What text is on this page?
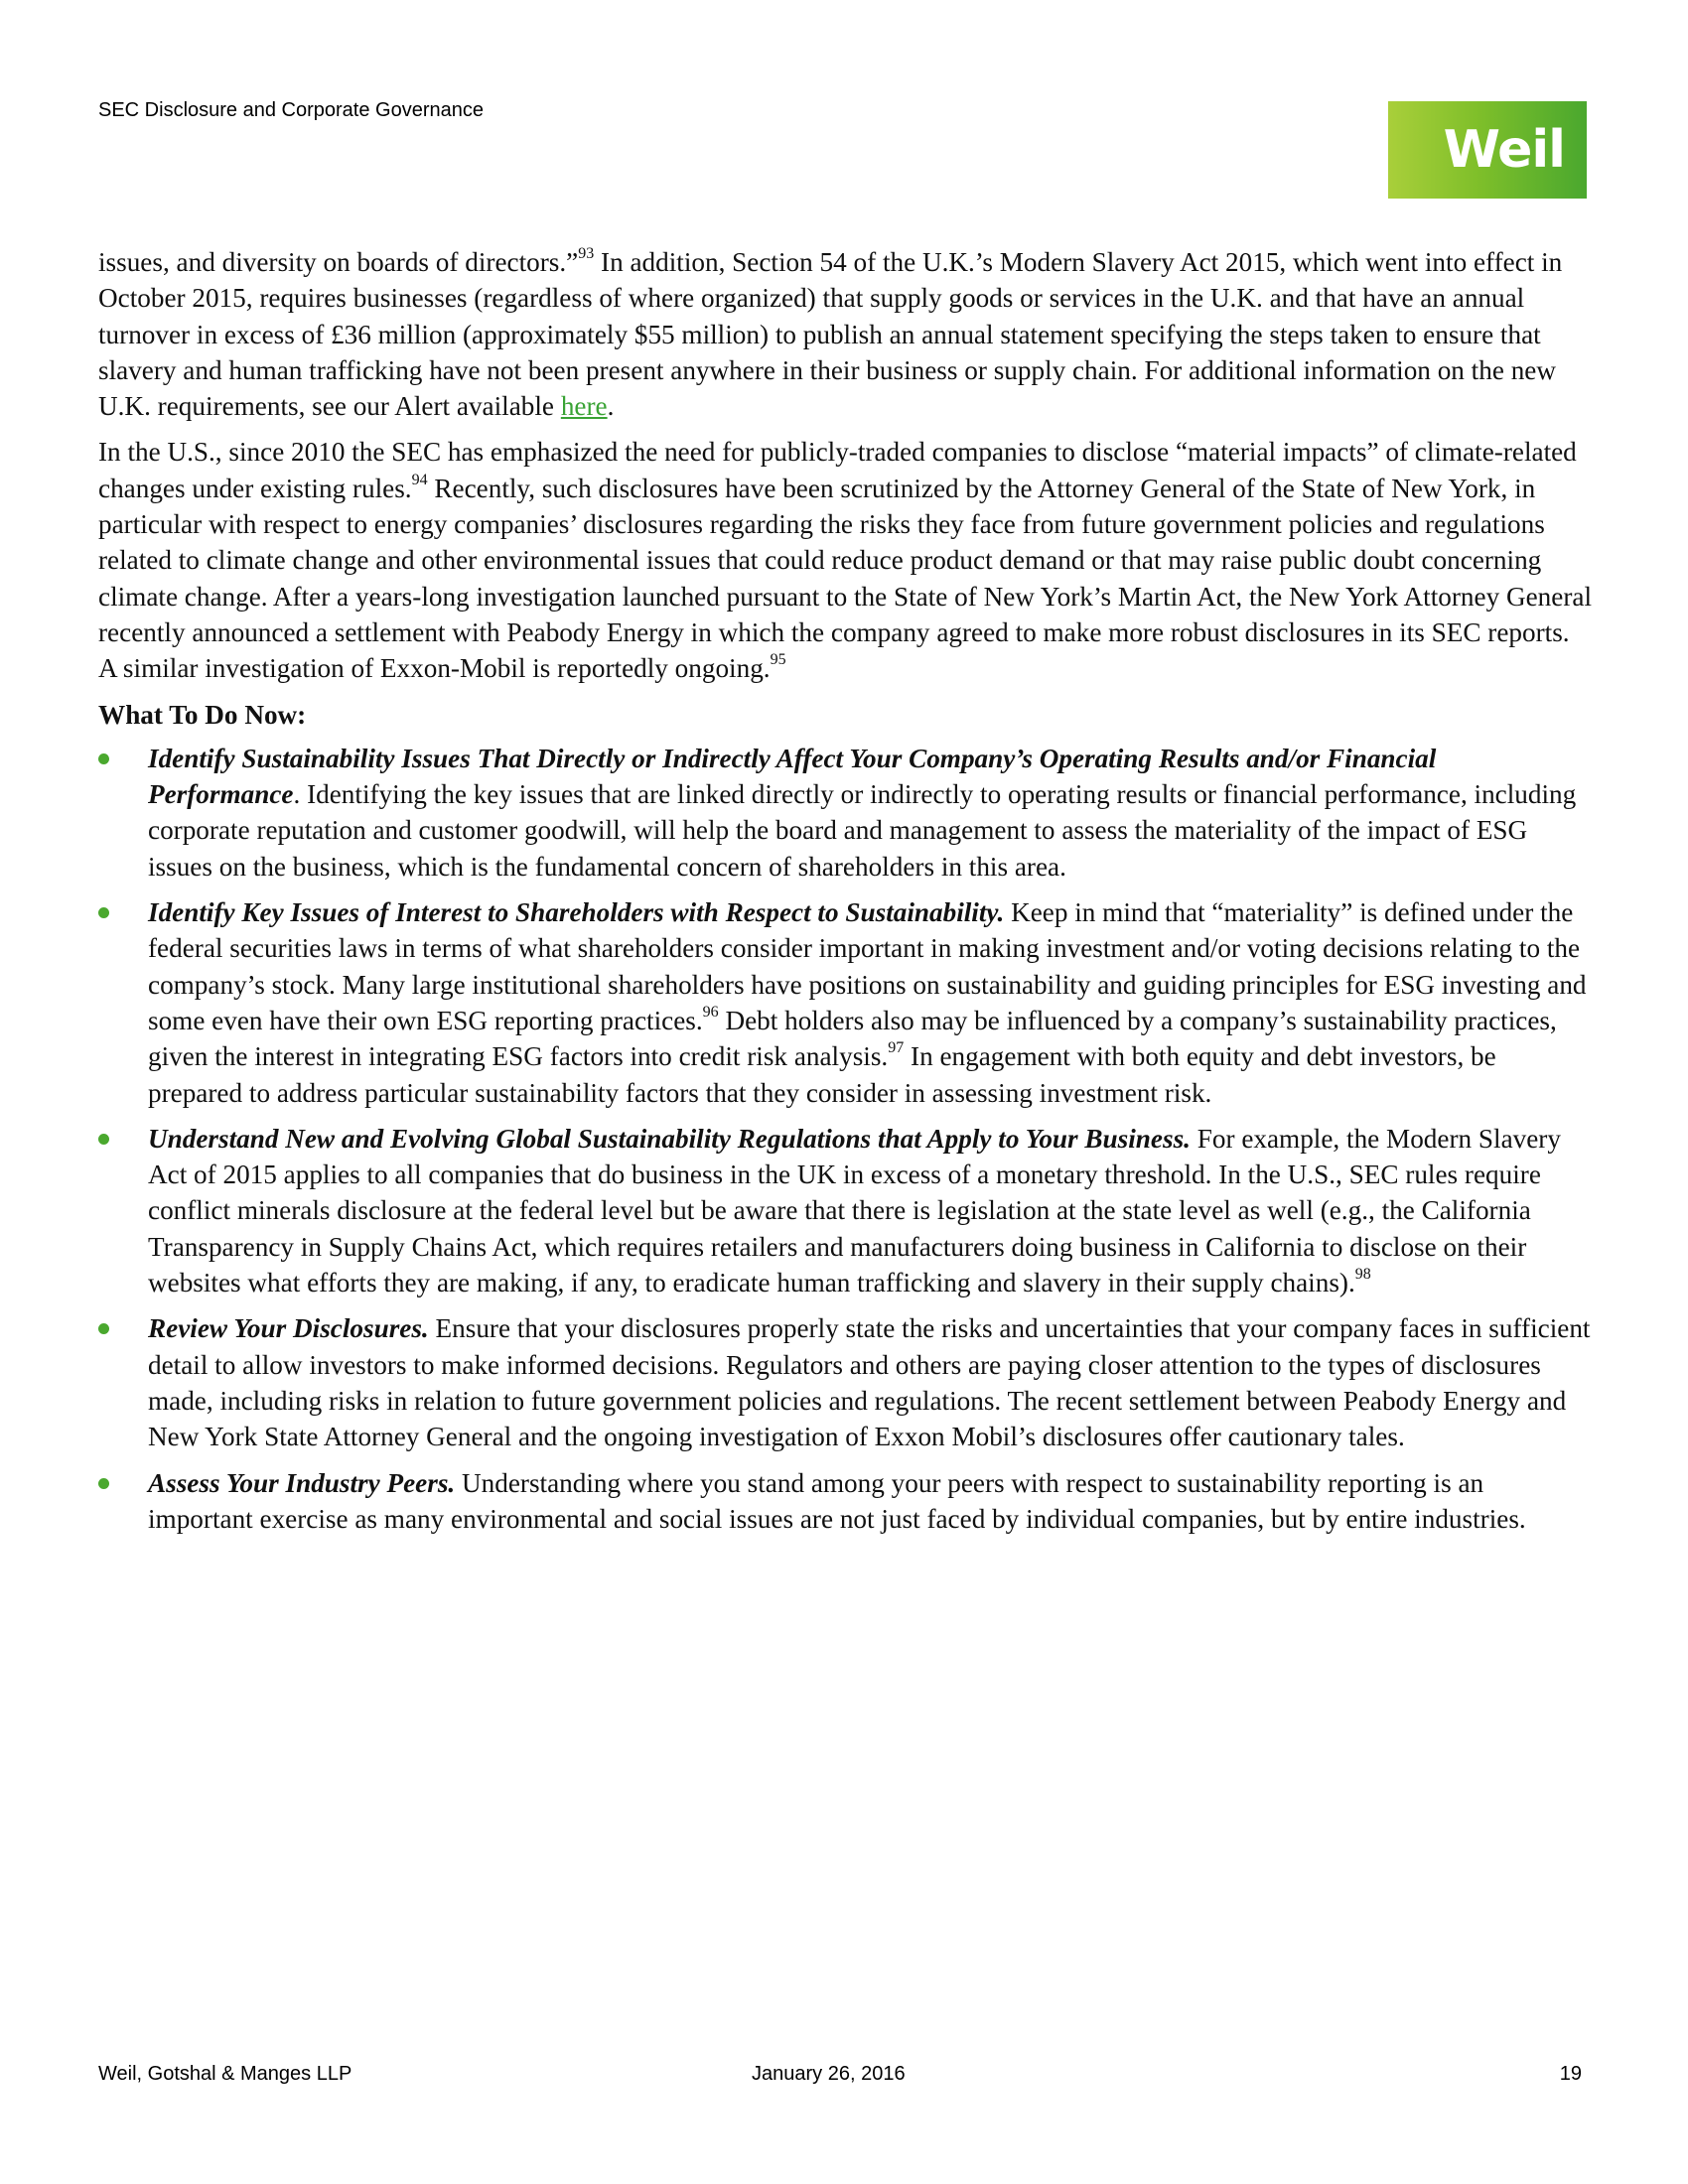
SEC Disclosure and Corporate Governance
Weil

issues, and diversity on boards of directors.”$^{93}$ In addition, Section 54 of the U.K.’s Modern Slavery Act 2015, which went into effect in October 2015, requires businesses (regardless of where organized) that supply goods or services in the U.K. and that have an annual turnover in excess of £36 million (approximately $55 million) to publish an annual statement specifying the steps taken to ensure that slavery and human trafficking have not been present anywhere in their business or supply chain. For additional information on the new U.K. requirements, see our Alert available here.

In the U.S., since 2010 the SEC has emphasized the need for publicly-traded companies to disclose “material impacts” of climate-related changes under existing rules.$^{94}$ Recently, such disclosures have been scrutinized by the Attorney General of the State of New York, in particular with respect to energy companies’ disclosures regarding the risks they face from future government policies and regulations related to climate change and other environmental issues that could reduce product demand or that may raise public doubt concerning climate change. After a years-long investigation launched pursuant to the State of New York’s Martin Act, the New York Attorney General recently announced a settlement with Peabody Energy in which the company agreed to make more robust disclosures in its SEC reports. A similar investigation of Exxon-Mobil is reportedly ongoing.$^{95}$

What To Do Now:
Identify Sustainability Issues That Directly or Indirectly Affect Your Company’s Operating Results and/or Financial Performance. Identifying the key issues that are linked directly or indirectly to operating results or financial performance, including corporate reputation and customer goodwill, will help the board and management to assess the materiality of the impact of ESG issues on the business, which is the fundamental concern of shareholders in this area.
Identify Key Issues of Interest to Shareholders with Respect to Sustainability. Keep in mind that “materiality” is defined under the federal securities laws in terms of what shareholders consider important in making investment and/or voting decisions relating to the company’s stock. Many large institutional shareholders have positions on sustainability and guiding principles for ESG investing and some even have their own ESG reporting practices.$^{96}$ Debt holders also may be influenced by a company’s sustainability practices, given the interest in integrating ESG factors into credit risk analysis.$^{97}$ In engagement with both equity and debt investors, be prepared to address particular sustainability factors that they consider in assessing investment risk.
Understand New and Evolving Global Sustainability Regulations that Apply to Your Business. For example, the Modern Slavery Act of 2015 applies to all companies that do business in the UK in excess of a monetary threshold. In the U.S., SEC rules require conflict minerals disclosure at the federal level but be aware that there is legislation at the state level as well (e.g., the California Transparency in Supply Chains Act, which requires retailers and manufacturers doing business in California to disclose on their websites what efforts they are making, if any, to eradicate human trafficking and slavery in their supply chains).$^{98}$
Review Your Disclosures. Ensure that your disclosures properly state the risks and uncertainties that your company faces in sufficient detail to allow investors to make informed decisions. Regulators and others are paying closer attention to the types of disclosures made, including risks in relation to future government policies and regulations. The recent settlement between Peabody Energy and New York State Attorney General and the ongoing investigation of Exxon Mobil’s disclosures offer cautionary tales.
Assess Your Industry Peers. Understanding where you stand among your peers with respect to sustainability reporting is an important exercise as many environmental and social issues are not just faced by individual companies, but by entire industries.
Weil, Gotshal & Manges LLP	January 26, 2016	19
